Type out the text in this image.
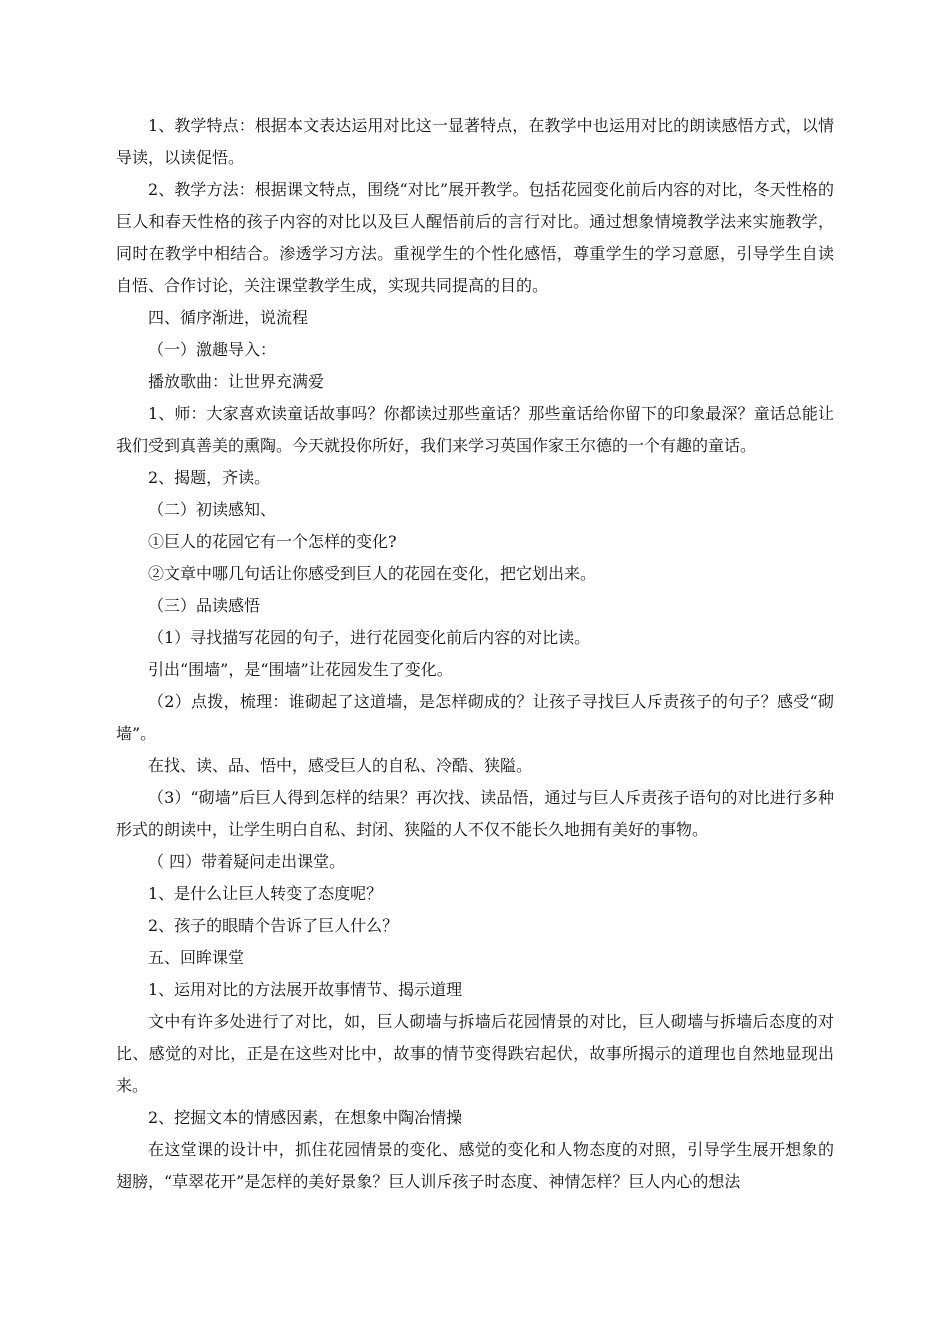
1、教学特点：根据本文表达运用对比这一显著特点，在教学中也运用对比的朗读感悟方式，以情导读，以读促悟。

2、教学方法：根据课文特点，围绕“对比”展开教学。包括花园变化前后内容的对比，冬天性格的巨人和春天性格的孩子内容的对比以及巨人醒悟前后的言行对比。通过想象情境教学法来实施教学，同时在教学中相结合。渗透学习方法。重视学生的个性化感悟，尊重学生的学习意愿，引导学生自读自悟、合作讨论，关注课堂教学生成，实现共同提高的目的。

四、循序渐进，说流程

（一）激趣导入：

播放歌曲：让世界充满爱

1、师：大家喜欢读童话故事吗？你都读过那些童话？那些童话给你留下的印象最深？童话总能让我们受到真善美的熏陶。今天就投你所好，我们来学习英国作家王尔德的一个有趣的童话。

2、揭题，齐读。

（二）初读感知、

①巨人的花园它有一个怎样的变化?

②文章中哪几句话让你感受到巨人的花园在变化，把它划出来。

（三）品读感悟

（1）寻找描写花园的句子，进行花园变化前后内容的对比读。

引出“围墙”，是“围墙”让花园发生了变化。

（2）点拨，梳理：谁砌起了这道墙，是怎样砌成的？让孩子寻找巨人斥责孩子的句子？感受“砌墙”。

在找、读、品、悟中，感受巨人的自私、冷酷、狭隘。

（3）“砌墙”后巨人得到怎样的结果？再次找、读品悟，通过与巨人斥责孩子语句的对比进行多种形式的朗读中，让学生明白自私、封闭、狭隘的人不仅不能长久地拥有美好的事物。

（ 四）带着疑问走出课堂。

1、是什么让巨人转变了态度呢？

2、孩子的眼睛个告诉了巨人什么？

五、回眸课堂

1、运用对比的方法展开故事情节、揭示道理

文中有许多处进行了对比，如，巨人砌墙与拆墙后花园情景的对比，巨人砌墙与拆墙后态度的对比、感觉的对比，正是在这些对比中，故事的情节变得跌宕起伏，故事所揭示的道理也自然地显现出来。

2、挖掘文本的情感因素，在想象中陶冶情操

在这堂课的设计中，抓住花园情景的变化、感觉的变化和人物态度的对照，引导学生展开想象的翅膀，“草翠花开”是怎样的美好景象？巨人训斥孩子时态度、神情怎样？巨人内心的想法
